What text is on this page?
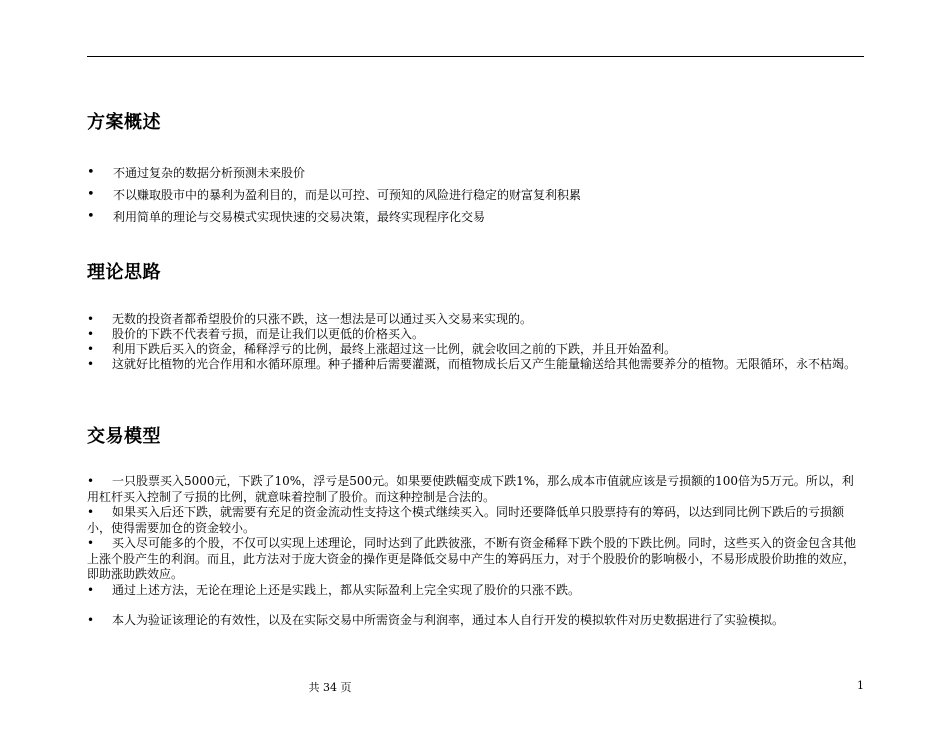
方案概述
•	不通过复杂的数据分析预测未来股价
•	不以赚取股市中的暴利为盈利目的，而是以可控、可预知的风险进行稳定的财富复利积累
•	利用简单的理论与交易模式实现快速的交易决策，最终实现程序化交易
理论思路
• 无数的投资者都希望股价的只涨不跌，这一想法是可以通过买入交易来实现的。
• 股价的下跌不代表着亏损，而是让我们以更低的价格买入。
• 利用下跌后买入的资金，稀释浮亏的比例，最终上涨超过这一比例，就会收回之前的下跌，并且开始盈利。
• 这就好比植物的光合作用和水循环原理。种子播种后需要灌溉，而植物成长后又产生能量输送给其他需要养分的植物。无限循环，永不枯竭。
交易模型
• 一只股票买入5000元，下跌了10%，浮亏是500元。如果要使跌幅变成下跌1%，那么成本市值就应该是亏损额的100倍为5万元。所以，利用杠杆买入控制了亏损的比例，就意味着控制了股价。而这种控制是合法的。
• 如果买入后还下跌，就需要有充足的资金流动性支持这个模式继续买入。同时还要降低单只股票持有的筹码，以达到同比例下跌后的亏损额小，使得需要加仓的资金较小。
• 买入尽可能多的个股，不仅可以实现上述理论，同时达到了此跌彼涨，不断有资金稀释下跌个股的下跌比例。同时，这些买入的资金包含其他上涨个股产生的利润。而且，此方法对于庞大资金的操作更是降低交易中产生的筹码压力，对于个股股价的影响极小，不易形成股价助推的效应，即助涨助跌效应。
• 通过上述方法，无论在理论上还是实践上，都从实际盈利上完全实现了股价的只涨不跌。
• 本人为验证该理论的有效性，以及在实际交易中所需资金与利润率，通过本人自行开发的模拟软件对历史数据进行了实验模拟。
共 34 页	1
